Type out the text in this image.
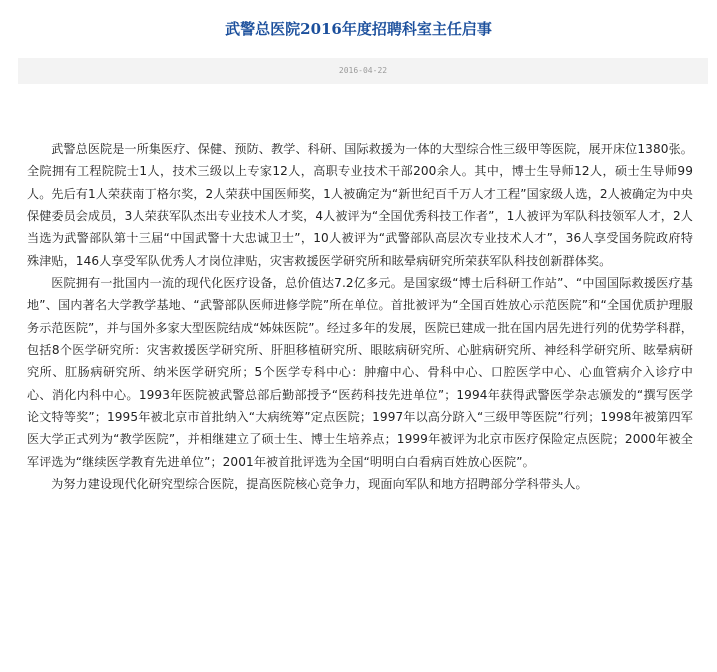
武警总医院2016年度招聘科室主任启事
2016-04-22

武警总医院是一所集医疗、保健、预防、教学、科研、国际救援为一体的大型综合性三级甲等医院，展开床位1380张。全院拥有工程院院士1人，技术三级以上专家12人，高职专业技术干部200余人。其中，博士生导师12人，硕士生导师99人。先后有1人荣获南丁格尔奖，2人荣获中国医师奖，1人被确定为“新世纪百千万人才工程”国家级人选，2人被确定为中央保健委员会成员，3人荣获军队杰出专业技术人才奖，4人被评为“全国优秀科技工作者”，1人被评为军队科技领军人才，2人当选为武警部队第十三届“中国武警十大忠诚卫士”，10人被评为“武警部队高层次专业技术人才”，36人享受国务院政府特殊津贴，146人享受军队优秀人才岗位津贴，灾害救援医学研究所和眩晕病研究所荣获军队科技创新群体奖。

医院拥有一批国内一流的现代化医疗设备，总价值达7.2亿多元。是国家级“博士后科研工作站”、“中国国际救援医疗基地”、国内著名大学教学基地、“武警部队医师进修学院”所在单位。首批被评为“全国百姓放心示范医院”和“全国优质护理服务示范医院”，并与国外多家大型医院结成“姊妹医院”。经过多年的发展，医院已建成一批在国内居先进行列的优势学科群，包括8个医学研究所：灾害救援医学研究所、肝胆移植研究所、眼眩病研究所、心脏病研究所、神经科学研究所、眩晕病研究所、肛肠病研究所、纳米医学研究所；5个医学专科中心：肿瘤中心、骨科中心、口腔医学中心、心血管病介入诊疗中心、消化内科中心。1993年医院被武警总部后勤部授予“医药科技先进单位”；1994年获得武警医学杂志颁发的“撰写医学论文特等奖”；1995年被北京市首批纳入“大病统筹”定点医院；1997年以高分跻入“三级甲等医院”行列；1998年被第四军医大学正式列为“教学医院”，并相继建立了硕士生、博士生培养点；1999年被评为北京市医疗保险定点医院；2000年被全军评选为“继续医学教育先进单位”；2001年被首批评选为全国“明明白白看病百姓放心医院”。

为努力建设现代化研究型综合医院，提高医院核心竞争力，现面向军队和地方招聘部分学科带头人。
